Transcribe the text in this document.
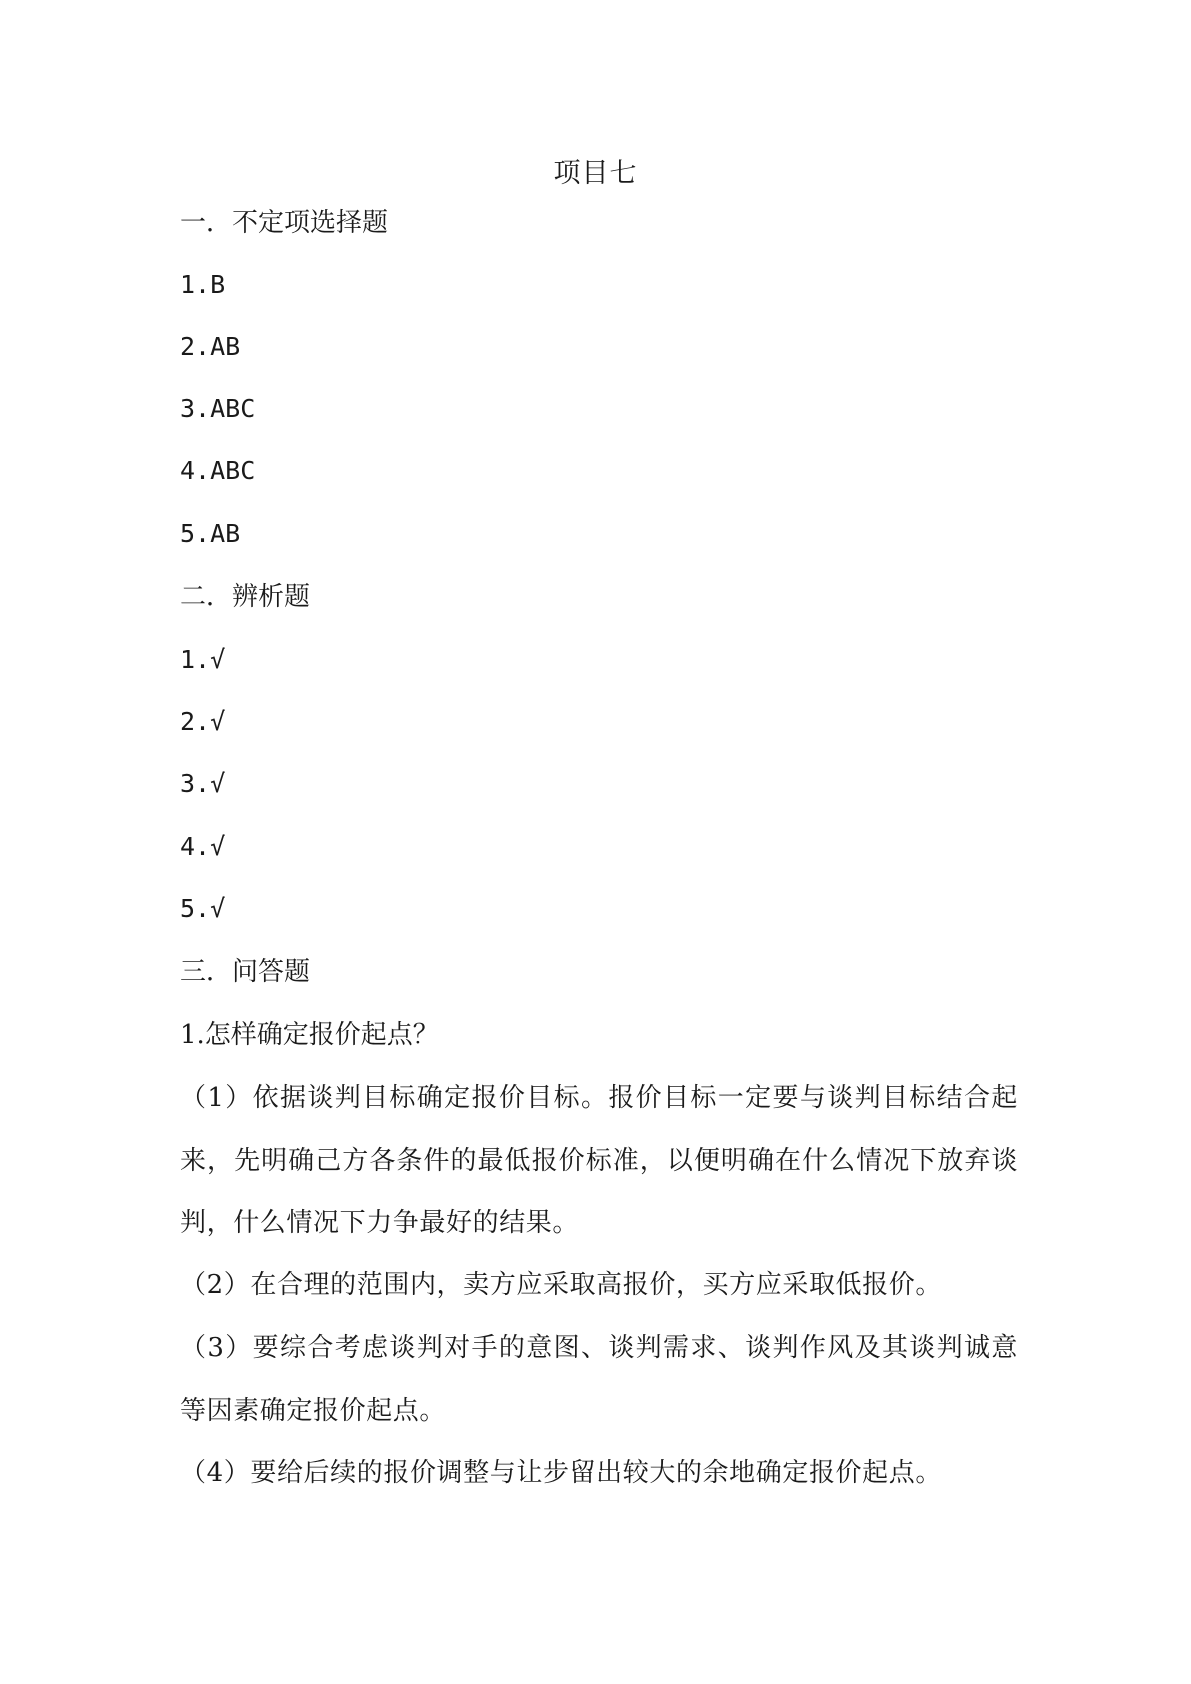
项目七

一．不定项选择题

1.B

2.AB

3.ABC

4.ABC

5.AB

二．辨析题

1.√

2.√

3.√

4.√

5.√

三．问答题

1.怎样确定报价起点？

（1）依据谈判目标确定报价目标。报价目标一定要与谈判目标结合起来，先明确己方各条件的最低报价标准，以便明确在什么情况下放弃谈判，什么情况下力争最好的结果。

（2）在合理的范围内，卖方应采取高报价，买方应采取低报价。

（3）要综合考虑谈判对手的意图、谈判需求、谈判作风及其谈判诚意等因素确定报价起点。

（4）要给后续的报价调整与让步留出较大的余地确定报价起点。
